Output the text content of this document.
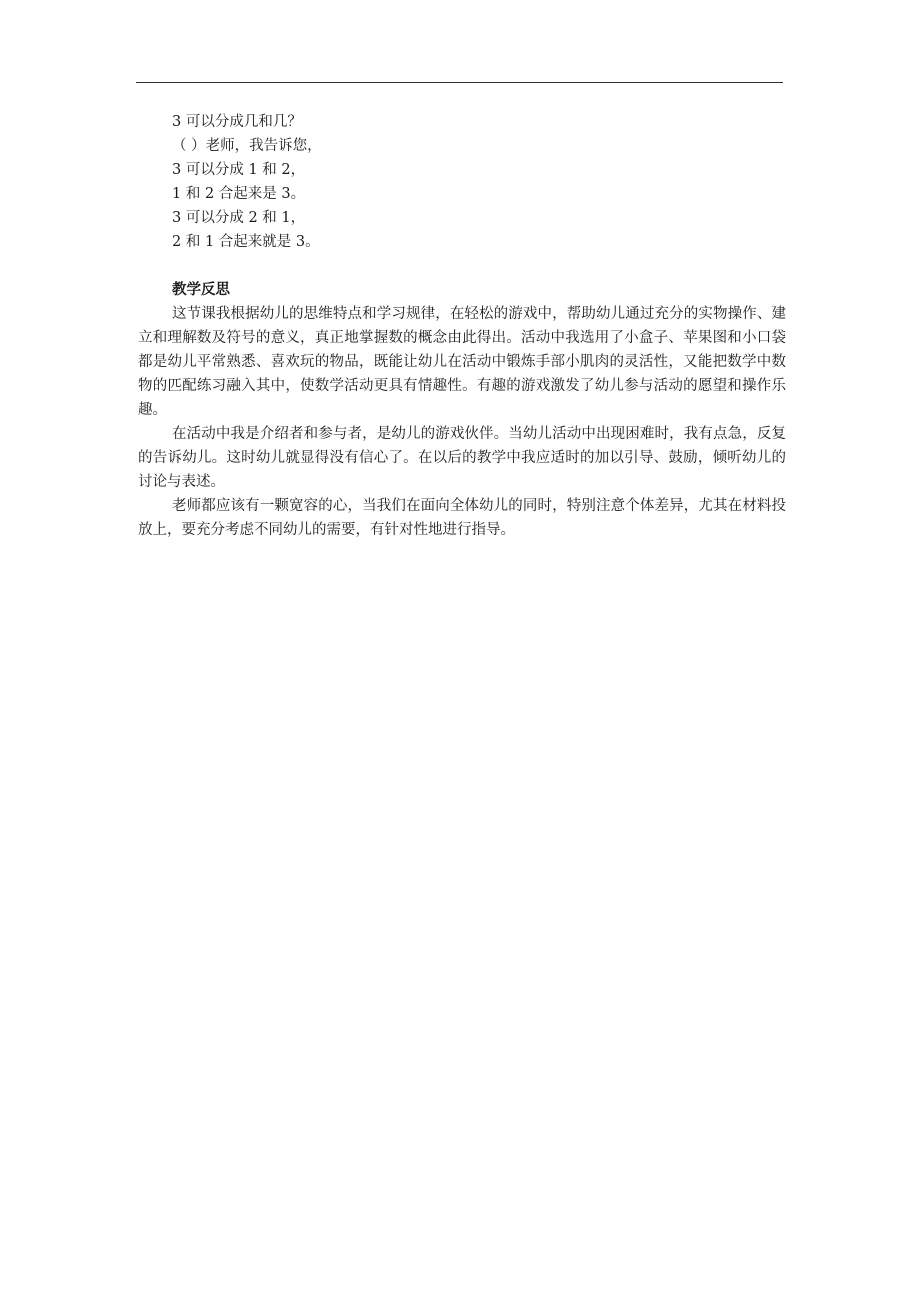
3 可以分成几和几？
（ ）老师，我告诉您，
3 可以分成 1 和 2，
1 和 2 合起来是 3。
3 可以分成 2 和 1，
2 和 1 合起来就是 3。
教学反思

这节课我根据幼儿的思维特点和学习规律，在轻松的游戏中，帮助幼儿通过充分的实物操作、建立和理解数及符号的意义，真正地掌握数的概念由此得出。活动中我选用了小盒子、苹果图和小口袋都是幼儿平常熟悉、喜欢玩的物品，既能让幼儿在活动中锻炼手部小肌肉的灵活性，又能把数学中数物的匹配练习融入其中，使数学活动更具有情趣性。有趣的游戏激发了幼儿参与活动的愿望和操作乐趣。

在活动中我是介绍者和参与者，是幼儿的游戏伙伴。当幼儿活动中出现困难时，我有点急，反复的告诉幼儿。这时幼儿就显得没有信心了。在以后的教学中我应适时的加以引导、鼓励，倾听幼儿的讨论与表述。

老师都应该有一颗宽容的心，当我们在面向全体幼儿的同时，特别注意个体差异，尤其在材料投放上，要充分考虑不同幼儿的需要，有针对性地进行指导。
